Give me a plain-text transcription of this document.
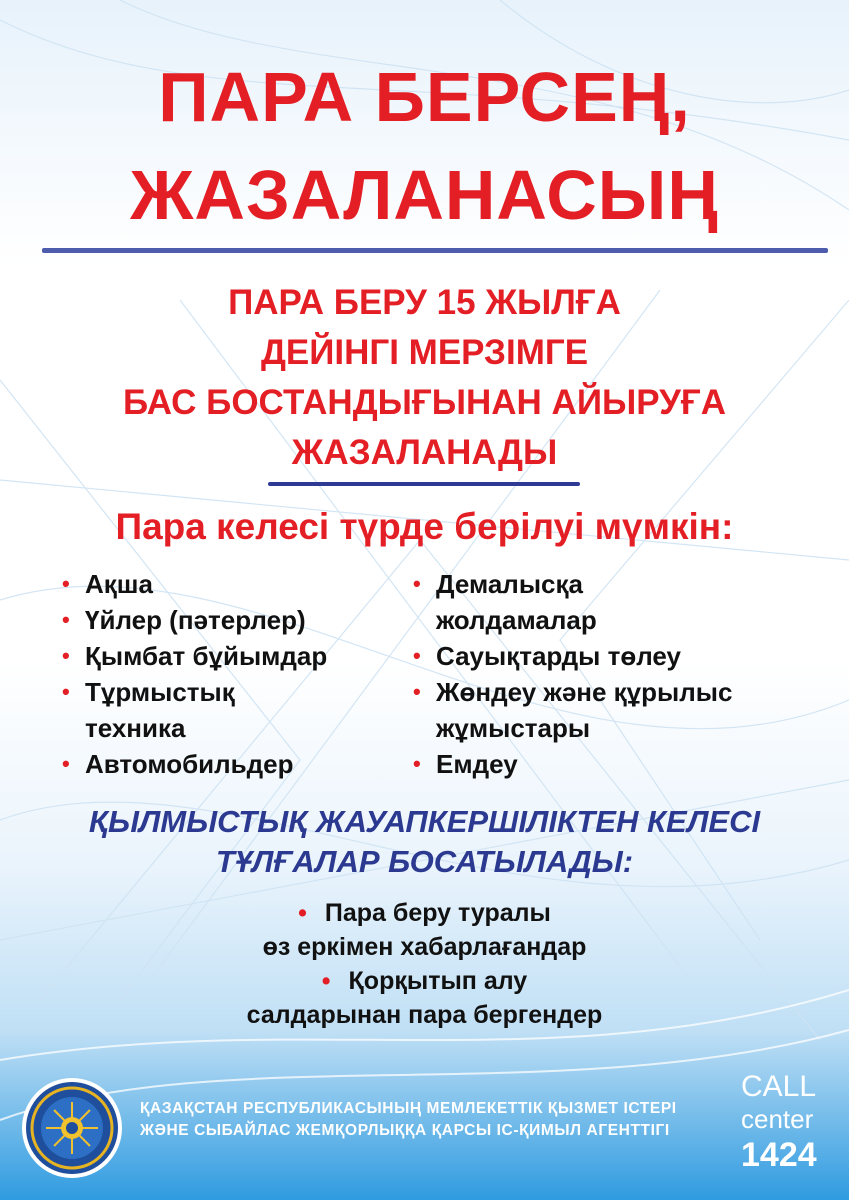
ПАРА БЕРСЕҢ,
ЖАЗАЛАНАСЫҢ
ПАРА БЕРУ 15 ЖЫЛҒА
ДЕЙІНГІ МЕРЗІМГЕ
БАС БОСТАНДЫҒЫНАН АЙЫРУҒА
ЖАЗАЛАНАДЫ
Пара келесі түрде берілуі мүмкін:
• Ақша
• Үйлер (пәтерлер)
• Қымбат бұйымдар
• Тұрмыстық
техника
• Автомобильдер
• Демалысқа
жолдамалар
• Сауықтарды төлеу
• Жөндеу және құрылыс
жұмыстары
• Емдеу
ҚЫЛМЫСТЫҚ ЖАУАПКЕРШІЛІКТЕН КЕЛЕСІ
ТҰЛҒАЛАР БОСАТЫЛАДЫ:
• Пара беру туралы
өз еркімен хабарлағандар
• Қорқытып алу
салдарынан пара бергендер
ҚАЗАҚСТАН РЕСПУБЛИКАСЫНЫҢ МЕМЛЕКЕТТІК ҚЫЗМЕТ ІСТЕРІ
ЖӘНЕ СЫБАЙЛАС ЖЕМҚОРЛЫҚҚА ҚАРСЫ ІС-ҚИМЫЛ АГЕНТТІГІ
CALL
center
1424
